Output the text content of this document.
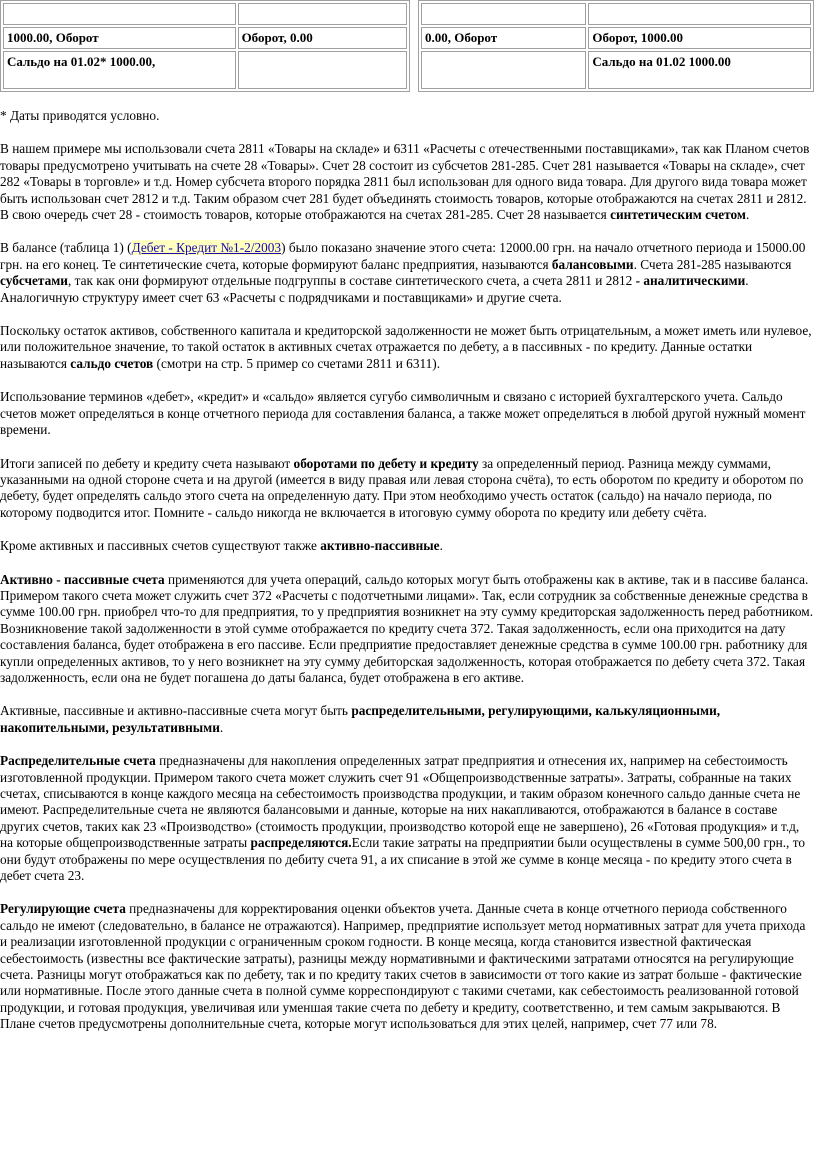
1000.00, Оборот	Оборот, 0.00
Сальдо на 01.02* 1000.00,	

0.00, Оборот	Оборот, 1000.00
	Сальдо на 01.02 1000.00

* Даты приводятся условно.

В нашем примере мы использовали счета 2811 «Товары на складе» и 6311 «Расчеты с отечественными поставщиками», так как Планом счетов товары предусмотрено учитывать на счете 28 «Товары». Счет 28 состоит из субсчетов 281-285. Счет 281 называется «Товары на складе», счет 282 «Товары в торговле» и т.д. Номер субсчета второго порядка 2811 был использован для одного вида товара. Для другого вида товара может быть использован счет 2812 и т.д. Таким образом счет 281 будет объединять стоимость товаров, которые отображаются на счетах 2811 и 2812. В свою очередь счет 28 - стоимость товаров, которые отображаются на счетах 281-285. Счет 28 называется синтетическим счетом.

В балансе (таблица 1) (Дебет - Кредит №1-2/2003) было показано значение этого счета: 12000.00 грн. на начало отчетного периода и 15000.00 грн. на его конец. Те синтетические счета, которые формируют баланс предприятия, называются балансовыми. Счета 281-285 называются субсчетами, так как они формируют отдельные подгруппы в составе синтетического счета, а счета 2811 и 2812 - аналитическими. Аналогичную структуру имеет счет 63 «Расчеты с подрядчиками и поставщиками» и другие счета.

Поскольку остаток активов, собственного капитала и кредиторской задолженности не может быть отрицательным, а может иметь или нулевое, или положительное значение, то такой остаток в активных счетах отражается по дебету, а в пассивных - по кредиту. Данные остатки называются сальдо счетов (смотри на стр. 5 пример со счетами 2811 и 6311).

Использование терминов «дебет», «кредит» и «сальдо» является сугубо символичным и связано с историей бухгалтерского учета. Сальдо счетов может определяться в конце отчетного периода для составления баланса, а также может определяться в любой другой нужный момент времени.

Итоги записей по дебету и кредиту счета называют оборотами по дебету и кредиту за определенный период. Разница между суммами, указанными на одной стороне счета и на другой (имеется в виду правая или левая сторона счёта), то есть оборотом по кредиту и оборотом по дебету, будет определять сальдо этого счета на определенную дату. При этом необходимо учесть остаток (сальдо) на начало периода, по которому подводится итог. Помните - сальдо никогда не включается в итоговую сумму оборота по кредиту или дебету счёта.

Кроме активных и пассивных счетов существуют также активно-пассивные.

Активно - пассивные счета применяются для учета операций, сальдо которых могут быть отображены как в активе, так и в пассиве баланса. Примером такого счета может служить счет 372 «Расчеты с подотчетными лицами». Так, если сотрудник за собственные денежные средства в сумме 100.00 грн. приобрел что-то для предприятия, то у предприятия возникнет на эту сумму кредиторская задолженность перед работником. Возникновение такой задолженности в этой сумме отображается по кредиту счета 372. Такая задолженность, если она приходится на дату составления баланса, будет отображена в его пассиве. Если предприятие предоставляет денежные средства в сумме 100.00 грн. работнику для купли определенных активов, то у него возникнет на эту сумму дебиторская задолженность, которая отображается по дебету счета 372. Такая задолженность, если она не будет погашена до даты баланса, будет отображена в его активе.

Активные, пассивные и активно-пассивные счета могут быть распределительными, регулирующими, калькуляционными, накопительными, результативными.

Распределительные счета предназначены для накопления определенных затрат предприятия и отнесения их, например на себестоимость изготовленной продукции. Примером такого счета может служить счет 91 «Общепроизводственные затраты». Затраты, собранные на таких счетах, списываются в конце каждого месяца на себестоимость производства продукции, и таким образом конечного сальдо данные счета не имеют. Распределительные счета не являются балансовыми и данные, которые на них накапливаются, отображаются в балансе в составе других счетов, таких как 23 «Производство» (стоимость продукции, производство которой еще не завершено), 26 «Готовая продукция» и т.д, на которые общепроизводственные затраты распределяются.Если такие затраты на предприятии были осуществлены в сумме 500,00 грн., то они будут отображены по мере осуществления по дебиту счета 91, а их списание в этой же сумме в конце месяца - по кредиту этого счета в дебет счета 23.

Регулирующие счета предназначены для корректирования оценки объектов учета. Данные счета в конце отчетного периода собственного сальдо не имеют (следовательно, в балансе не отражаются). Например, предприятие использует метод нормативных затрат для учета прихода и реализации изготовленной продукции с ограниченным сроком годности. В конце месяца, когда становится известной фактическая себестоимость (известны все фактические затраты), разницы между нормативными и фактическими затратами относятся на регулирующие счета. Разницы могут отображаться как по дебету, так и по кредиту таких счетов в зависимости от того какие из затрат больше - фактические или нормативные. После этого данные счета в полной сумме корреспондируют с такими счетами, как себестоимость реализованной готовой продукции, и готовая продукция, увеличивая или уменшая такие счета по дебету и кредиту, соответственно, и тем самым закрываются. В Плане счетов предусмотрены дополнительные счета, которые могут использоваться для этих целей, например, счет 77 или 78.
